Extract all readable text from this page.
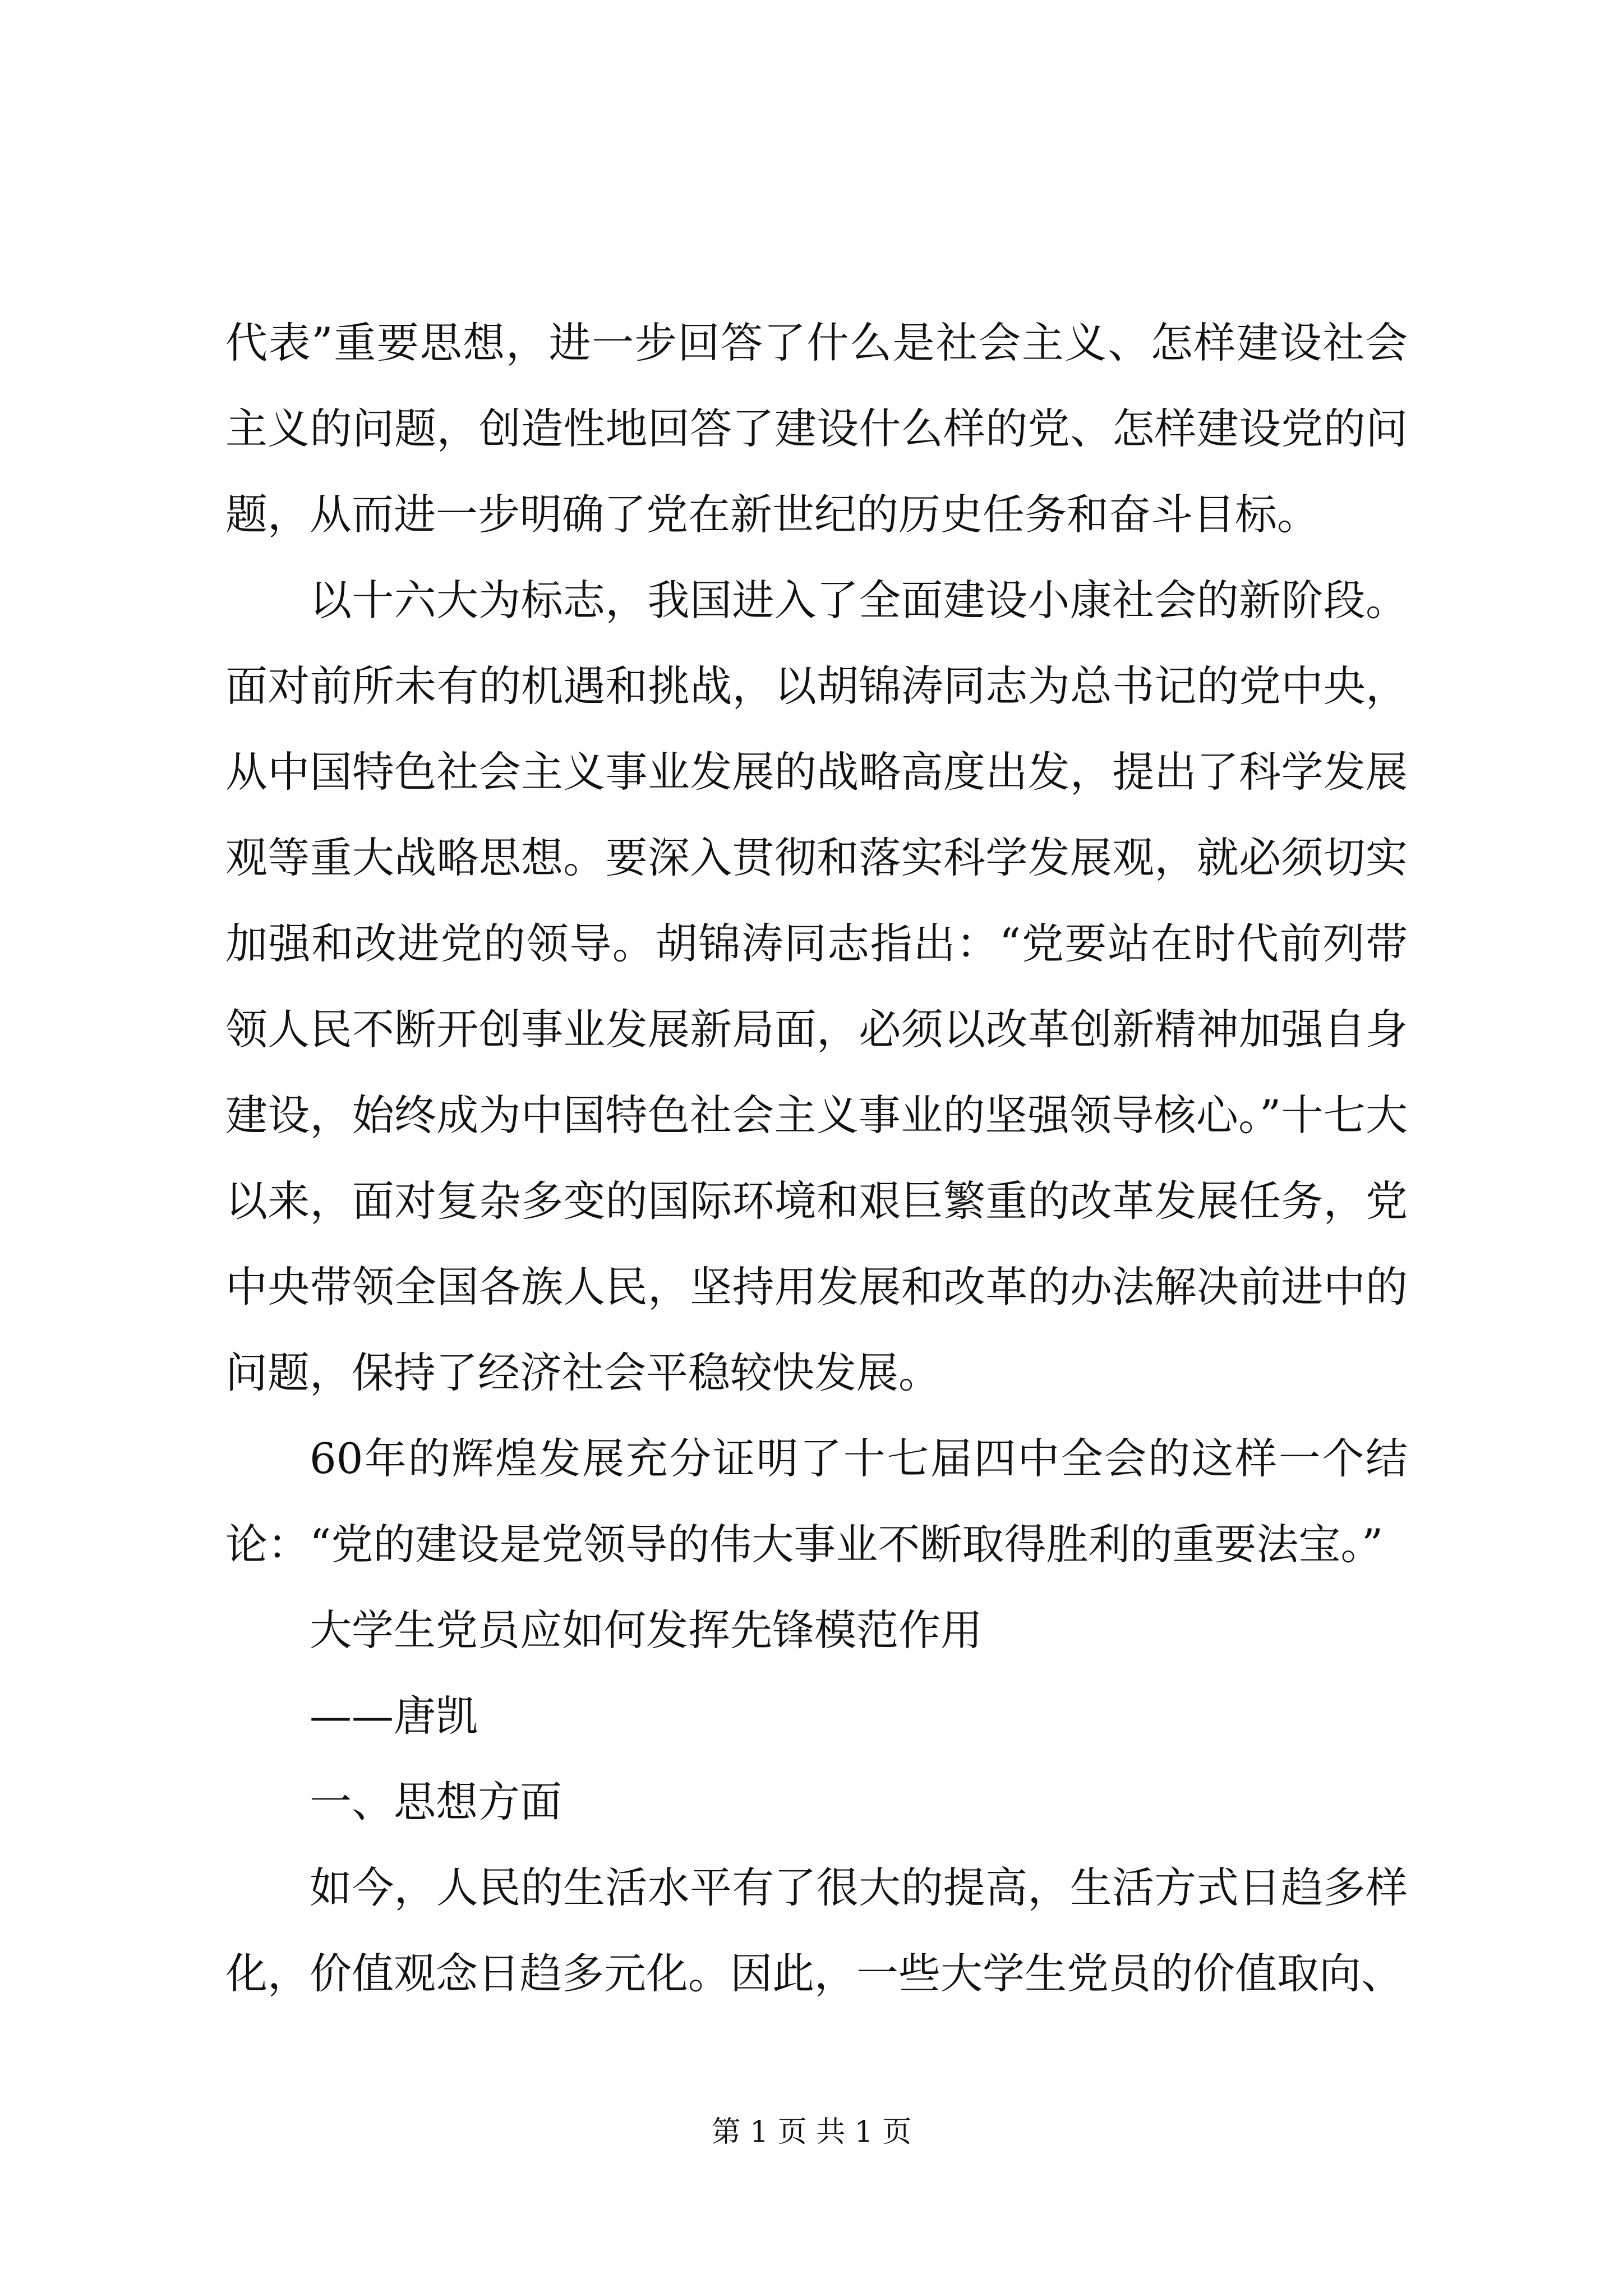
代表”重要思想，进一步回答了什么是社会主义、怎样建设社会主义的问题，创造性地回答了建设什么样的党、怎样建设党的问题，从而进一步明确了党在新世纪的历史任务和奋斗目标。

以十六大为标志，我国进入了全面建设小康社会的新阶段。面对前所未有的机遇和挑战，以胡锦涛同志为总书记的党中央，从中国特色社会主义事业发展的战略高度出发，提出了科学发展观等重大战略思想。要深入贯彻和落实科学发展观，就必须切实加强和改进党的领导。胡锦涛同志指出：“党要站在时代前列带领人民不断开创事业发展新局面，必须以改革创新精神加强自身建设，始终成为中国特色社会主义事业的坚强领导核心。”十七大以来，面对复杂多变的国际环境和艰巨繁重的改革发展任务，党中央带领全国各族人民，坚持用发展和改革的办法解决前进中的问题，保持了经济社会平稳较快发展。

60年的辉煌发展充分证明了十七届四中全会的这样一个结论：“党的建设是党领导的伟大事业不断取得胜利的重要法宝。”

大学生党员应如何发挥先锋模范作用

——唐凯

一、思想方面

如今，人民的生活水平有了很大的提高，生活方式日趋多样化，价值观念日趋多元化。因此，一些大学生党员的价值取向、

第 1 页 共 1 页
